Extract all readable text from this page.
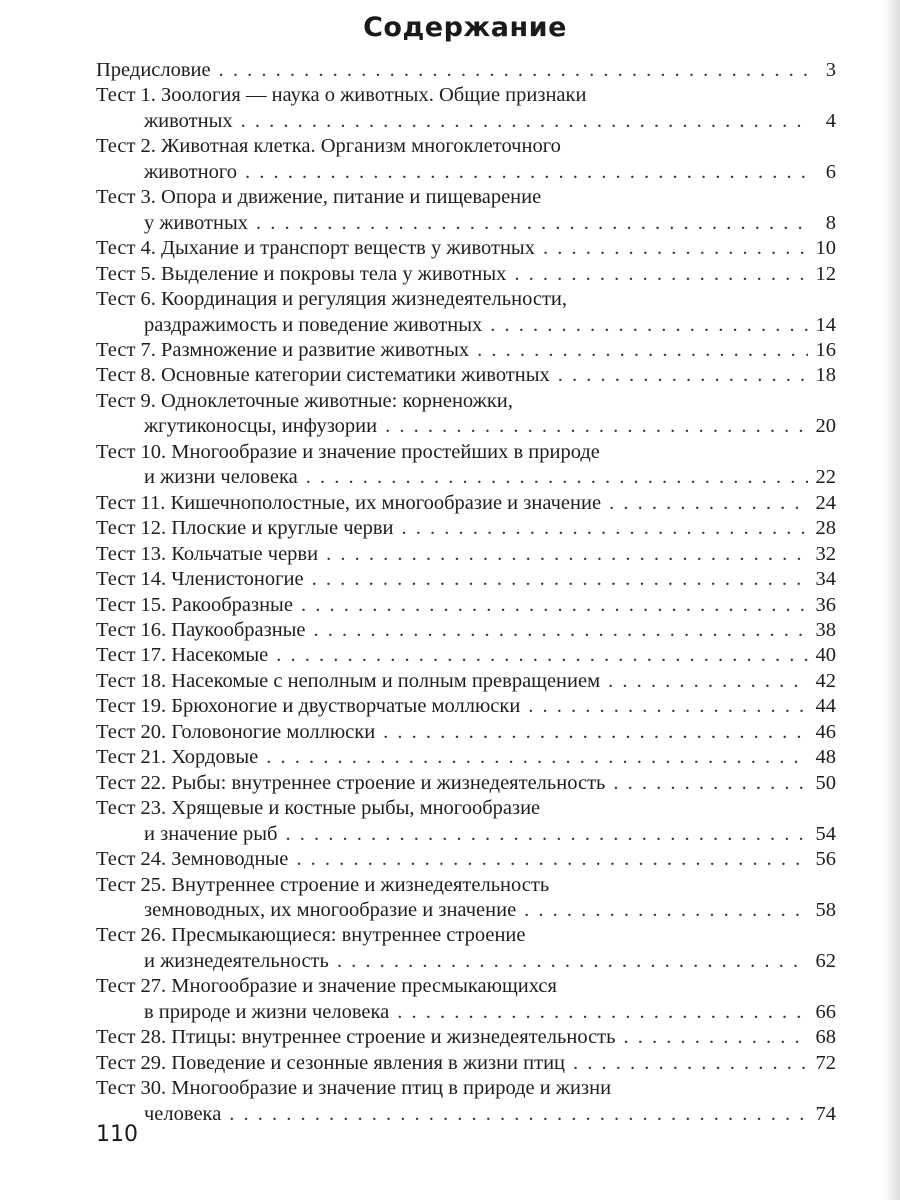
Содержание
Предисловие . . .	3
Тест 1. Зоология — наука о животных. Общие признаки
животных . . .	4
Тест 2. Животная клетка. Организм многоклеточного
животного . . .	6
Тест 3. Опора и движение, питание и пищеварение
у животных . . .	8
Тест 4. Дыхание и транспорт веществ у животных . . .	10
Тест 5. Выделение и покровы тела у животных . . .	12
Тест 6. Координация и регуляция жизнедеятельности,
раздражимость и поведение животных . . .	14
Тест 7. Размножение и развитие животных . . .	16
Тест 8. Основные категории систематики животных . . .	18
Тест 9. Одноклеточные животные: корненожки,
жгутиконосцы, инфузории . . .	20
Тест 10. Многообразие и значение простейших в природе
и жизни человека . . .	22
Тест 11. Кишечнополостные, их многообразие и значение . . .	24
Тест 12. Плоские и круглые черви . . .	28
Тест 13. Кольчатые черви . . .	32
Тест 14. Членистоногие . . .	34
Тест 15. Ракообразные . . .	36
Тест 16. Паукообразные . . .	38
Тест 17. Насекомые . . .	40
Тест 18. Насекомые с неполным и полным превращением . . .	42
Тест 19. Брюхоногие и двустворчатые моллюски . . .	44
Тест 20. Головоногие моллюски . . .	46
Тест 21. Хордовые . . .	48
Тест 22. Рыбы: внутреннее строение и жизнедеятельность . . .	50
Тест 23. Хрящевые и костные рыбы, многообразие
и значение рыб . . .	54
Тест 24. Земноводные . . .	56
Тест 25. Внутреннее строение и жизнедеятельность
земноводных, их многообразие и значение . . .	58
Тест 26. Пресмыкающиеся: внутреннее строение
и жизнедеятельность . . .	62
Тест 27. Многообразие и значение пресмыкающихся
в природе и жизни человека . . .	66
Тест 28. Птицы: внутреннее строение и жизнедеятельность . . .	68
Тест 29. Поведение и сезонные явления в жизни птиц . . .	72
Тест 30. Многообразие и значение птиц в природе и жизни
человека . . .	74
110
